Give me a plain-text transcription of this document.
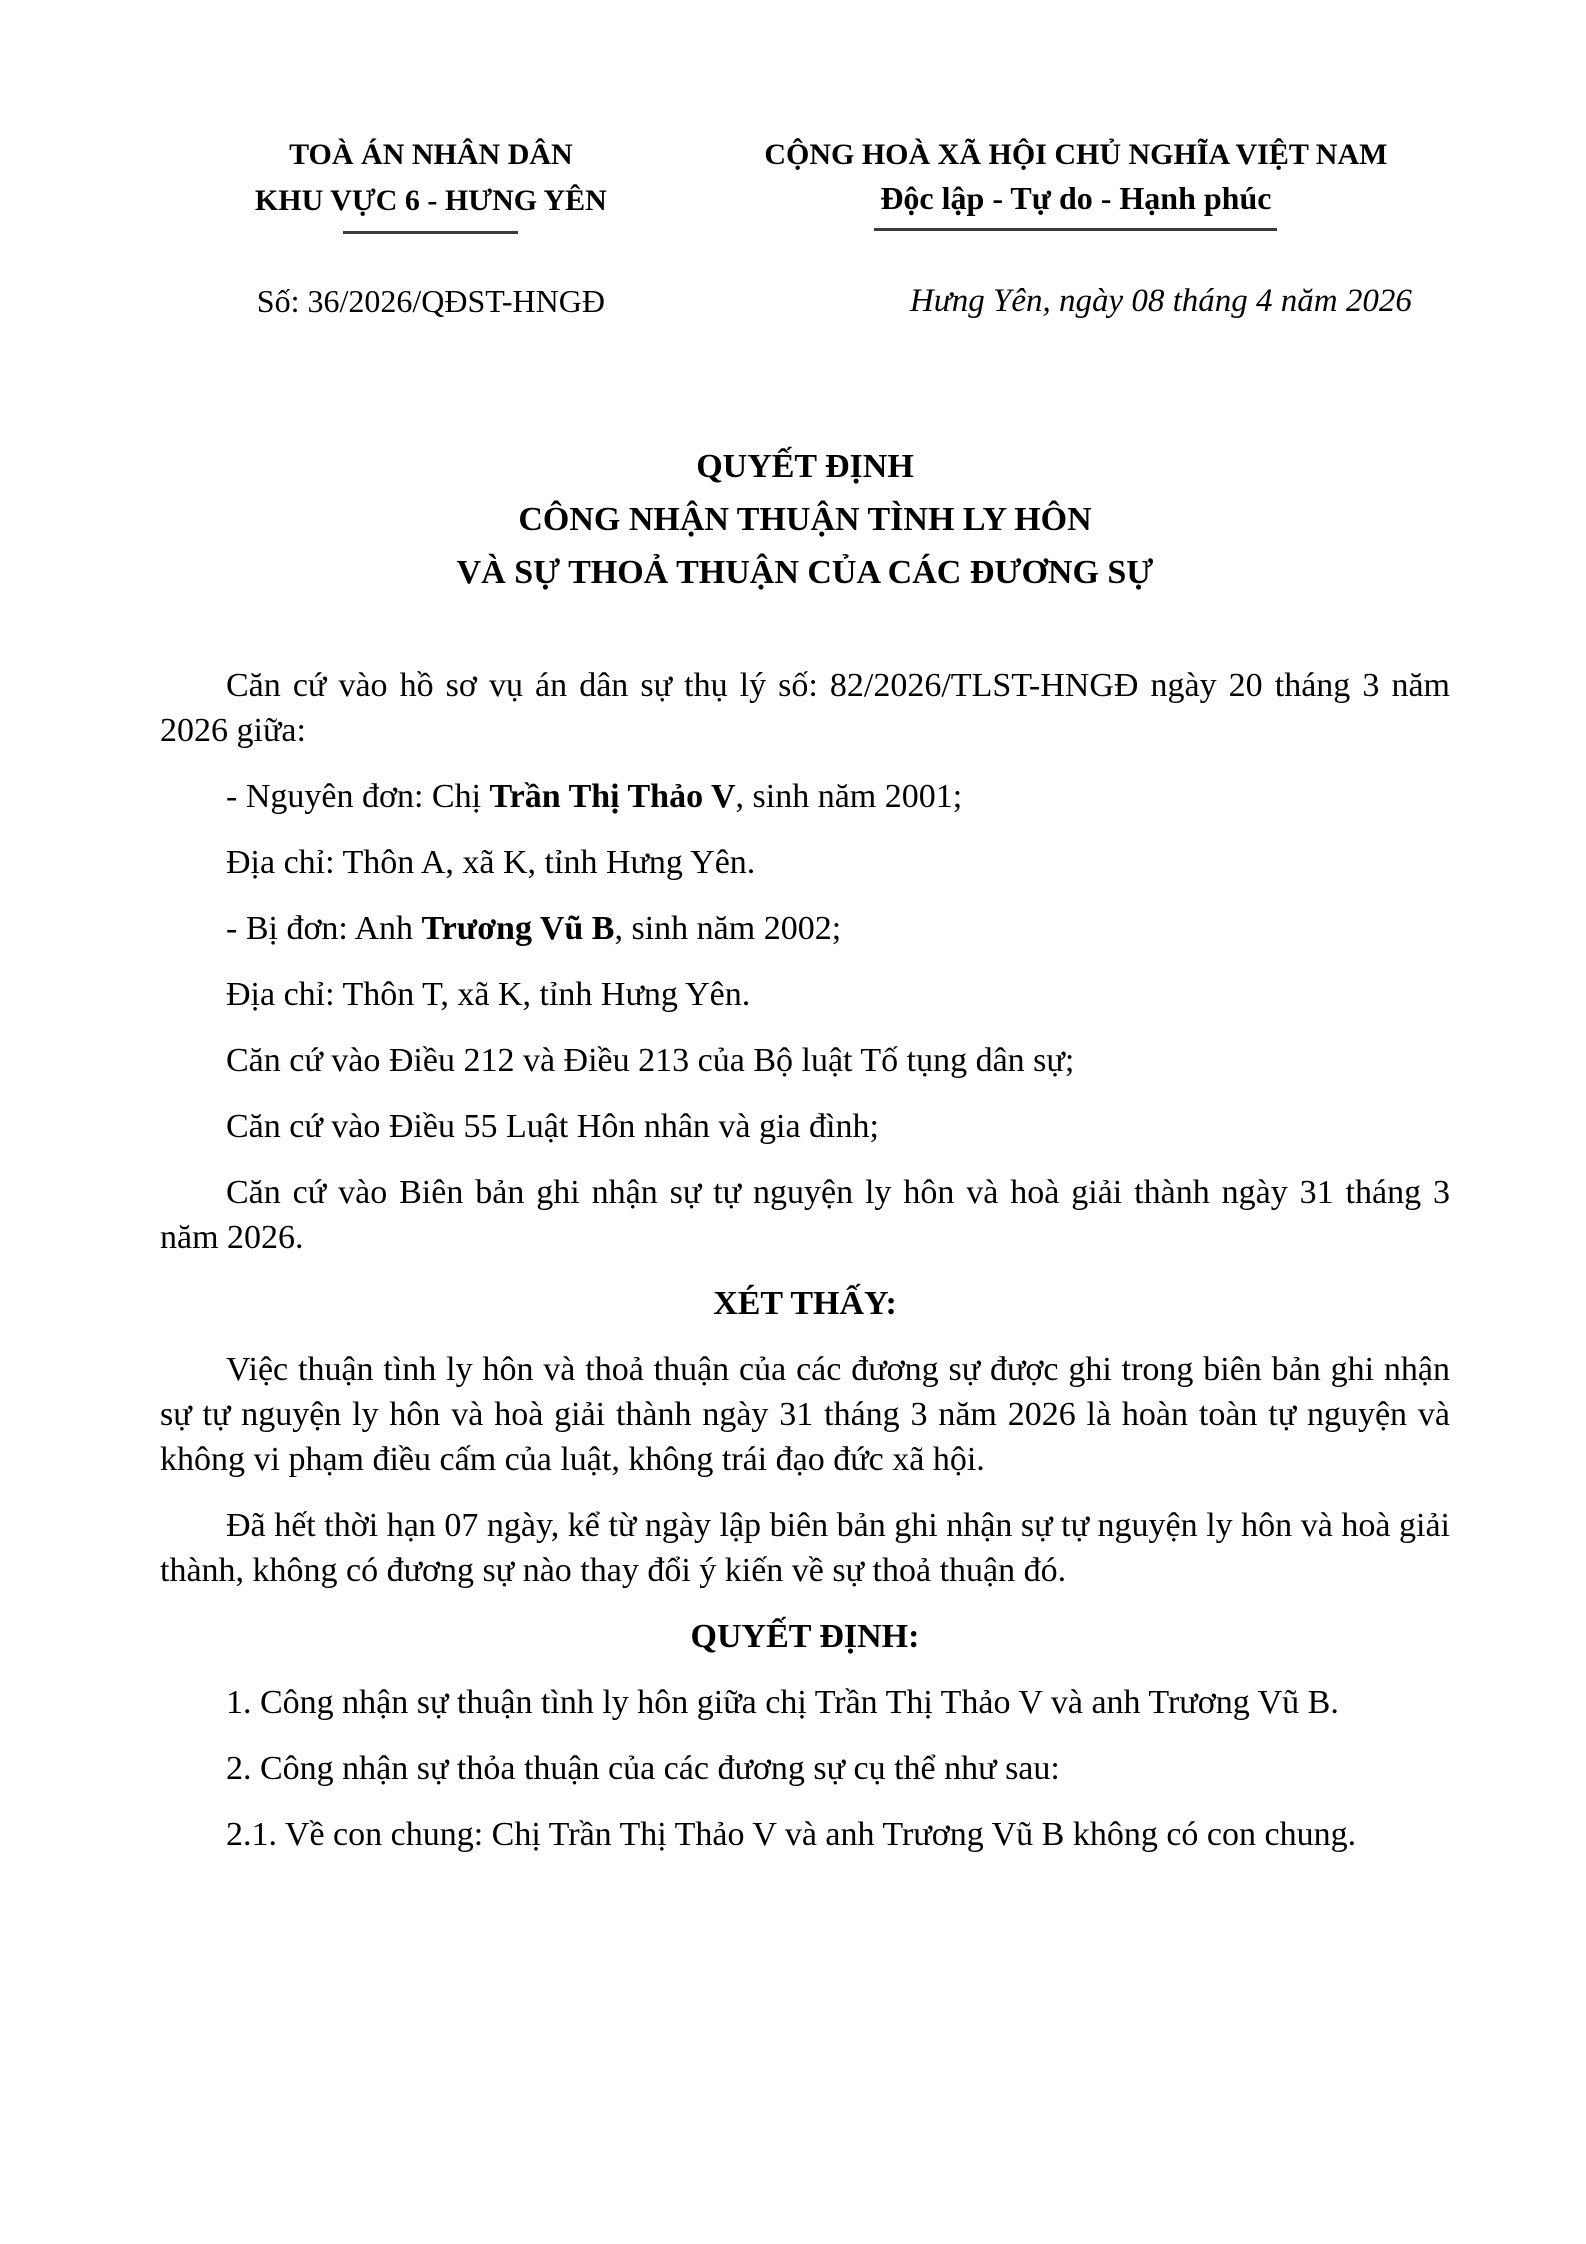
TOÀ ÁN NHÂN DÂN
KHU VỰC 6 - HƯNG YÊN
CỘNG HOÀ XÃ HỘI CHỦ NGHĨA VIỆT NAM
Độc lập - Tự do - Hạnh phúc
Số: 36/2026/QĐST-HNGĐ	Hưng Yên, ngày 08 tháng 4 năm 2026
QUYẾT ĐỊNH
CÔNG NHẬN THUẬN TÌNH LY HÔN
VÀ SỰ THOẢ THUẬN CỦA CÁC ĐƯƠNG SỰ

Căn cứ vào hồ sơ vụ án dân sự thụ lý số: 82/2026/TLST-HNGĐ ngày 20 tháng 3 năm 2026 giữa:

- Nguyên đơn: Chị Trần Thị Thảo V, sinh năm 2001;

Địa chỉ: Thôn A, xã K, tỉnh Hưng Yên.

- Bị đơn: Anh Trương Vũ B, sinh năm 2002;

Địa chỉ: Thôn T, xã K, tỉnh Hưng Yên.

Căn cứ vào Điều 212 và Điều 213 của Bộ luật Tố tụng dân sự;

Căn cứ vào Điều 55 Luật Hôn nhân và gia đình;

Căn cứ vào Biên bản ghi nhận sự tự nguyện ly hôn và hoà giải thành ngày 31 tháng 3 năm 2026.

XÉT THẤY:

Việc thuận tình ly hôn và thoả thuận của các đương sự được ghi trong biên bản ghi nhận sự tự nguyện ly hôn và hoà giải thành ngày 31 tháng 3 năm 2026 là hoàn toàn tự nguyện và không vi phạm điều cấm của luật, không trái đạo đức xã hội.

Đã hết thời hạn 07 ngày, kể từ ngày lập biên bản ghi nhận sự tự nguyện ly hôn và hoà giải thành, không có đương sự nào thay đổi ý kiến về sự thoả thuận đó.

QUYẾT ĐỊNH:

1. Công nhận sự thuận tình ly hôn giữa chị Trần Thị Thảo V và anh Trương Vũ B.

2. Công nhận sự thỏa thuận của các đương sự cụ thể như sau:

2.1. Về con chung: Chị Trần Thị Thảo V và anh Trương Vũ B không có con chung.
